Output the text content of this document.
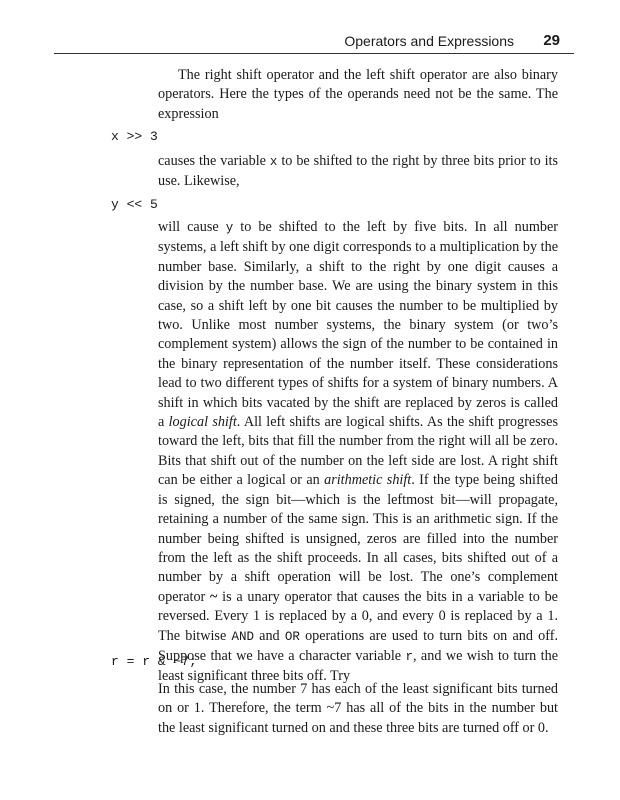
Operators and Expressions 29

The right shift operator and the left shift operator are also binary operators. Here the types of the operands need not be the same. The expression

x >> 3

causes the variable x to be shifted to the right by three bits prior to its use. Likewise,

y << 5

will cause y to be shifted to the left by five bits. In all number systems, a left shift by one digit corresponds to a multiplication by the number base. Similarly, a shift to the right by one digit causes a division by the number base. We are using the binary system in this case, so a shift left by one bit causes the number to be multiplied by two. Unlike most number systems, the binary system (or two’s complement system) allows the sign of the number to be contained in the binary representation of the number itself. These considerations lead to two different types of shifts for a system of binary numbers. A shift in which bits vacated by the shift are replaced by zeros is called a logical shift. All left shifts are logical shifts. As the shift progresses toward the left, bits that fill the number from the right will all be zero. Bits that shift out of the number on the left side are lost. A right shift can be either a logical or an arithmetic shift. If the type being shifted is signed, the sign bit—which is the leftmost bit—will propagate, retaining a number of the same sign. This is an arithmetic sign. If the number being shifted is unsigned, zeros are filled into the number from the left as the shift proceeds. In all cases, bits shifted out of a number by a shift operation will be lost. The one’s complement operator ~ is a unary operator that causes the bits in a variable to be reversed. Every 1 is replaced by a 0, and every 0 is replaced by a 1. The bitwise AND and OR operations are used to turn bits on and off. Suppose that we have a character variable r, and we wish to turn the least significant three bits off. Try

r = r & ~7;

In this case, the number 7 has each of the least significant bits turned on or 1. Therefore, the term ~7 has all of the bits in the number but the least significant turned on and these three bits are turned off or 0.
